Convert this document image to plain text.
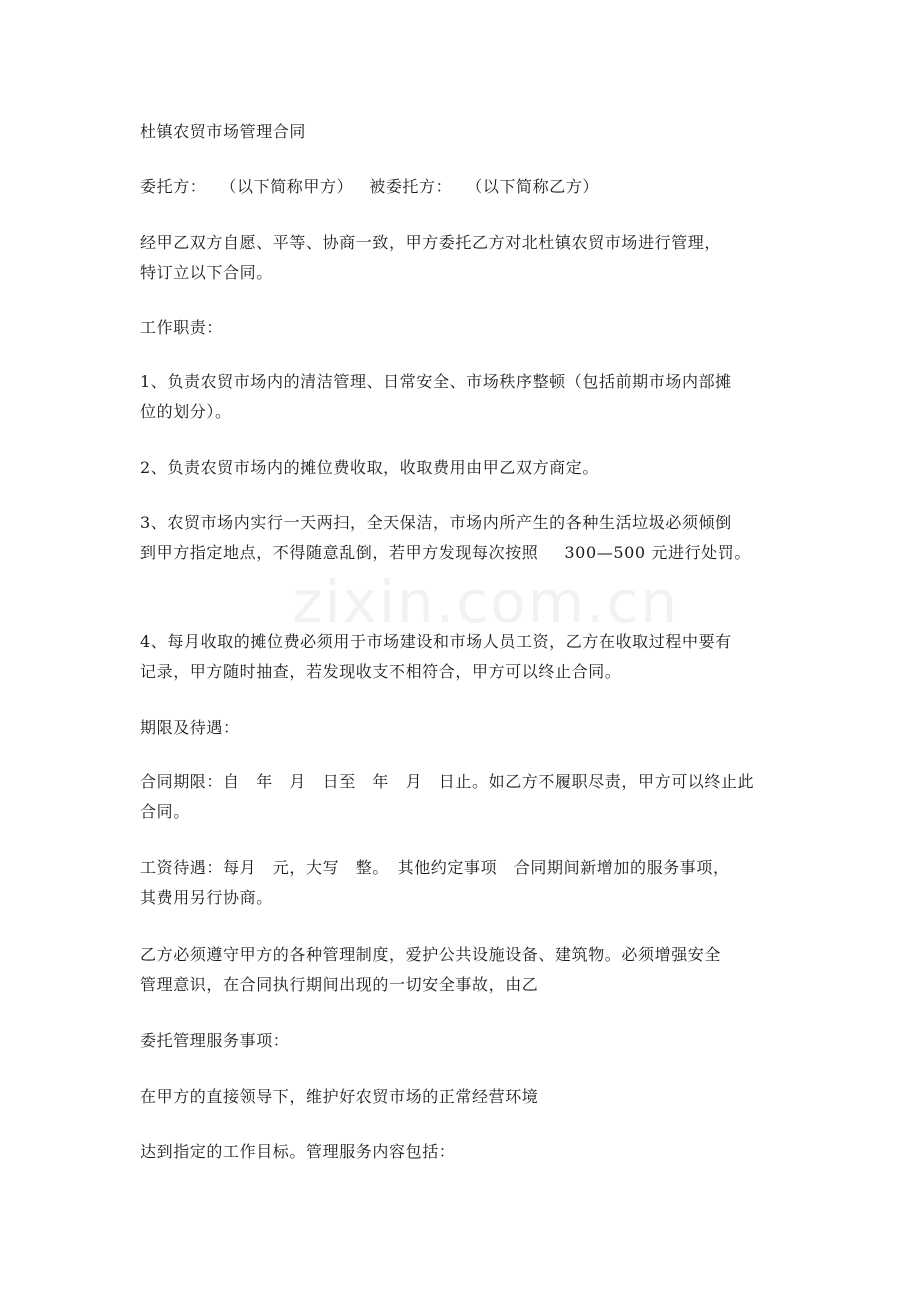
zixin.com.cn

杜镇农贸市场管理合同

委托方： （以下简称甲方） 被委托方： （以下简称乙方）

经甲乙双方自愿、平等、协商一致，甲方委托乙方对北杜镇农贸市场进行管理，
特订立以下合同。

工作职责：

1、负责农贸市场内的清洁管理、日常安全、市场秩序整顿（包括前期市场内部摊
位的划分）。

2、负责农贸市场内的摊位费收取，收取费用由甲乙双方商定。

3、农贸市场内实行一天两扫，全天保洁，市场内所产生的各种生活垃圾必须倾倒
到甲方指定地点，不得随意乱倒，若甲方发现每次按照 300—500 元进行处罚。

4、每月收取的摊位费必须用于市场建设和市场人员工资，乙方在收取过程中要有
记录，甲方随时抽查，若发现收支不相符合，甲方可以终止合同。

期限及待遇：

合同期限：自　年　月　日至　年　月　日止。如乙方不履职尽责，甲方可以终止此
合同。

工资待遇：每月　元，大写　整。　其他约定事项　合同期间新增加的服务事项，
其费用另行协商。

乙方必须遵守甲方的各种管理制度，爱护公共设施设备、建筑物。必须增强安全
管理意识，在合同执行期间出现的一切安全事故，由乙

委托管理服务事项：

在甲方的直接领导下，维护好农贸市场的正常经营环境

达到指定的工作目标。管理服务内容包括：
